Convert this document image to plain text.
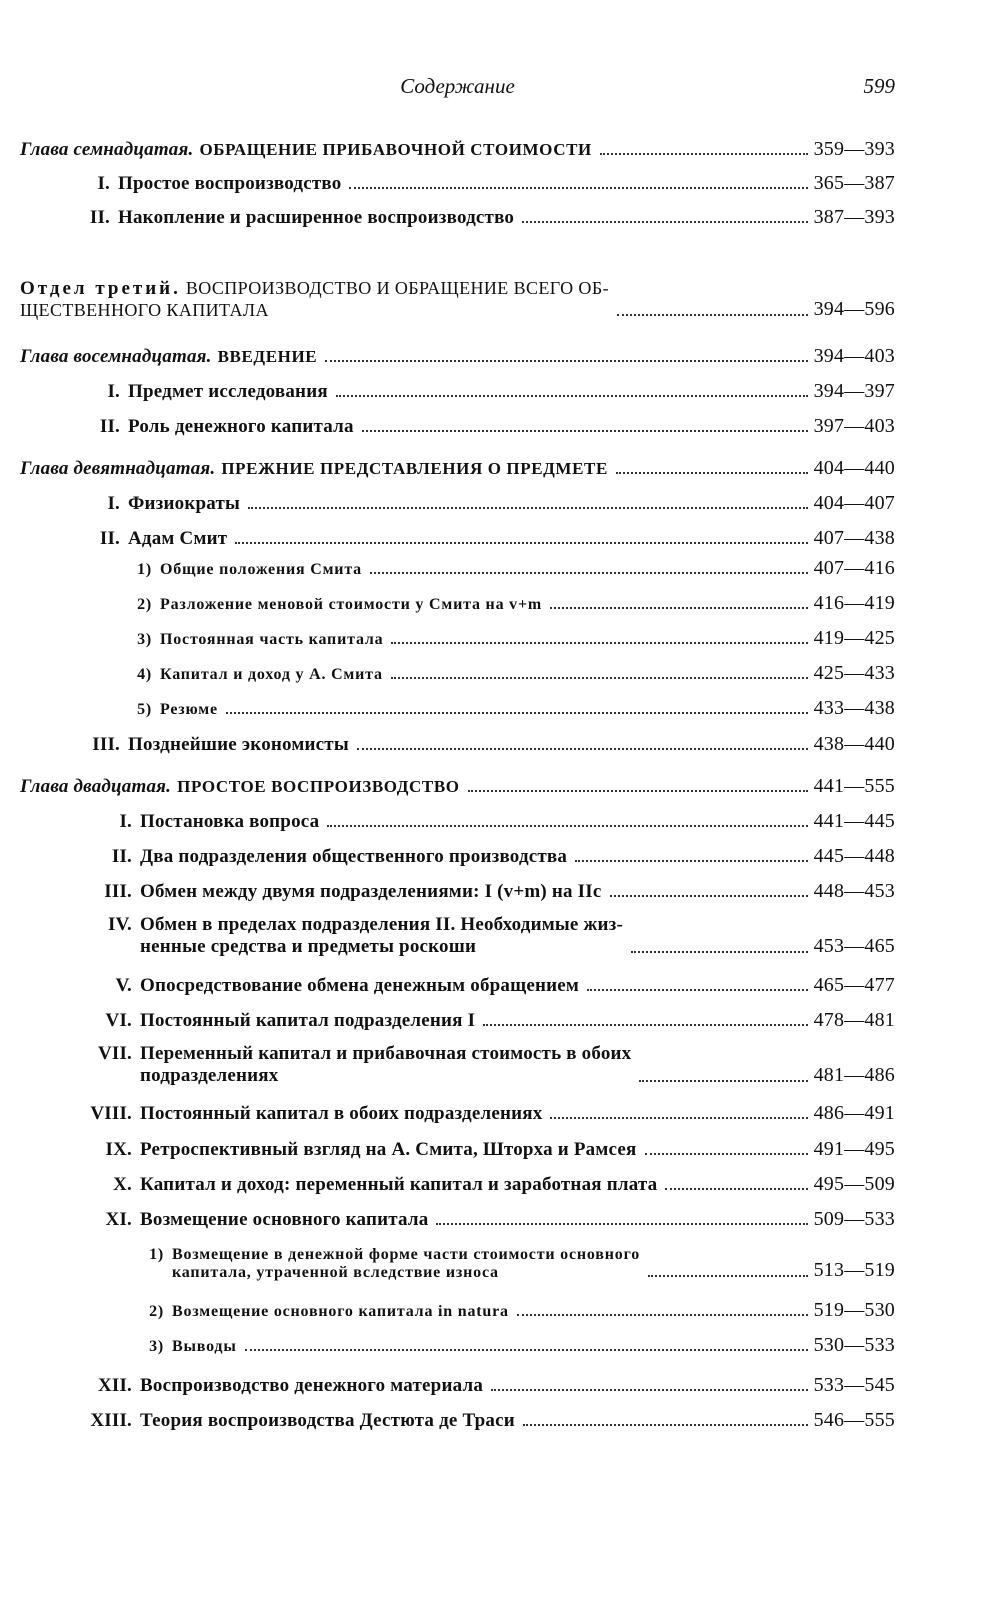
Содержание	599
Глава семнадцатая. ОБРАЩЕНИЕ ПРИБАВОЧНОЙ СТОИМОСТИ	359—393
I. Простое воспроизводство	365—387
II. Накопление и расширенное воспроизводство	387—393
Отдел третий. ВОСПРОИЗВОДСТВО И ОБРАЩЕНИЕ ВСЕГО ОБ-
ЩЕСТВЕННОГО КАПИТАЛА	394—596
Глава восемнадцатая. ВВЕДЕНИЕ	394—403
I. Предмет исследования	394—397
II. Роль денежного капитала	397—403
Глава девятнадцатая. ПРЕЖНИЕ ПРЕДСТАВЛЕНИЯ О ПРЕДМЕТЕ	404—440
I. Физиократы	404—407
II. Адам Смит	407—438
1) Общие положения Смита	407—416
2) Разложение меновой стоимости у Смита на v+m	416—419
3) Постоянная часть капитала	419—425
4) Капитал и доход у А. Смита	425—433
5) Резюме	433—438
III. Позднейшие экономисты	438—440
Глава двадцатая. ПРОСТОЕ ВОСПРОИЗВОДСТВО	441—555
I. Постановка вопроса	441—445
II. Два подразделения общественного производства	445—448
III. Обмен между двумя подразделениями: I (v+m) на IIc	448—453
IV. Обмен в пределах подразделения II. Необходимые жиз-
ненные средства и предметы роскоши	453—465
V. Опосредствование обмена денежным обращением	465—477
VI. Постоянный капитал подразделения I	478—481
VII. Переменный капитал и прибавочная стоимость в обоих
подразделениях	481—486
VIII. Постоянный капитал в обоих подразделениях	486—491
IX. Ретроспективный взгляд на А. Смита, Шторха и Рамсея	491—495
X. Капитал и доход: переменный капитал и заработная плата	495—509
XI. Возмещение основного капитала	509—533
1) Возмещение в денежной форме части стоимости основного
капитала, утраченной вследствие износа	513—519
2) Возмещение основного капитала in natura	519—530
3) Выводы	530—533
XII. Воспроизводство денежного материала	533—545
XIII. Теория воспроизводства Дестюта де Траси	546—555
